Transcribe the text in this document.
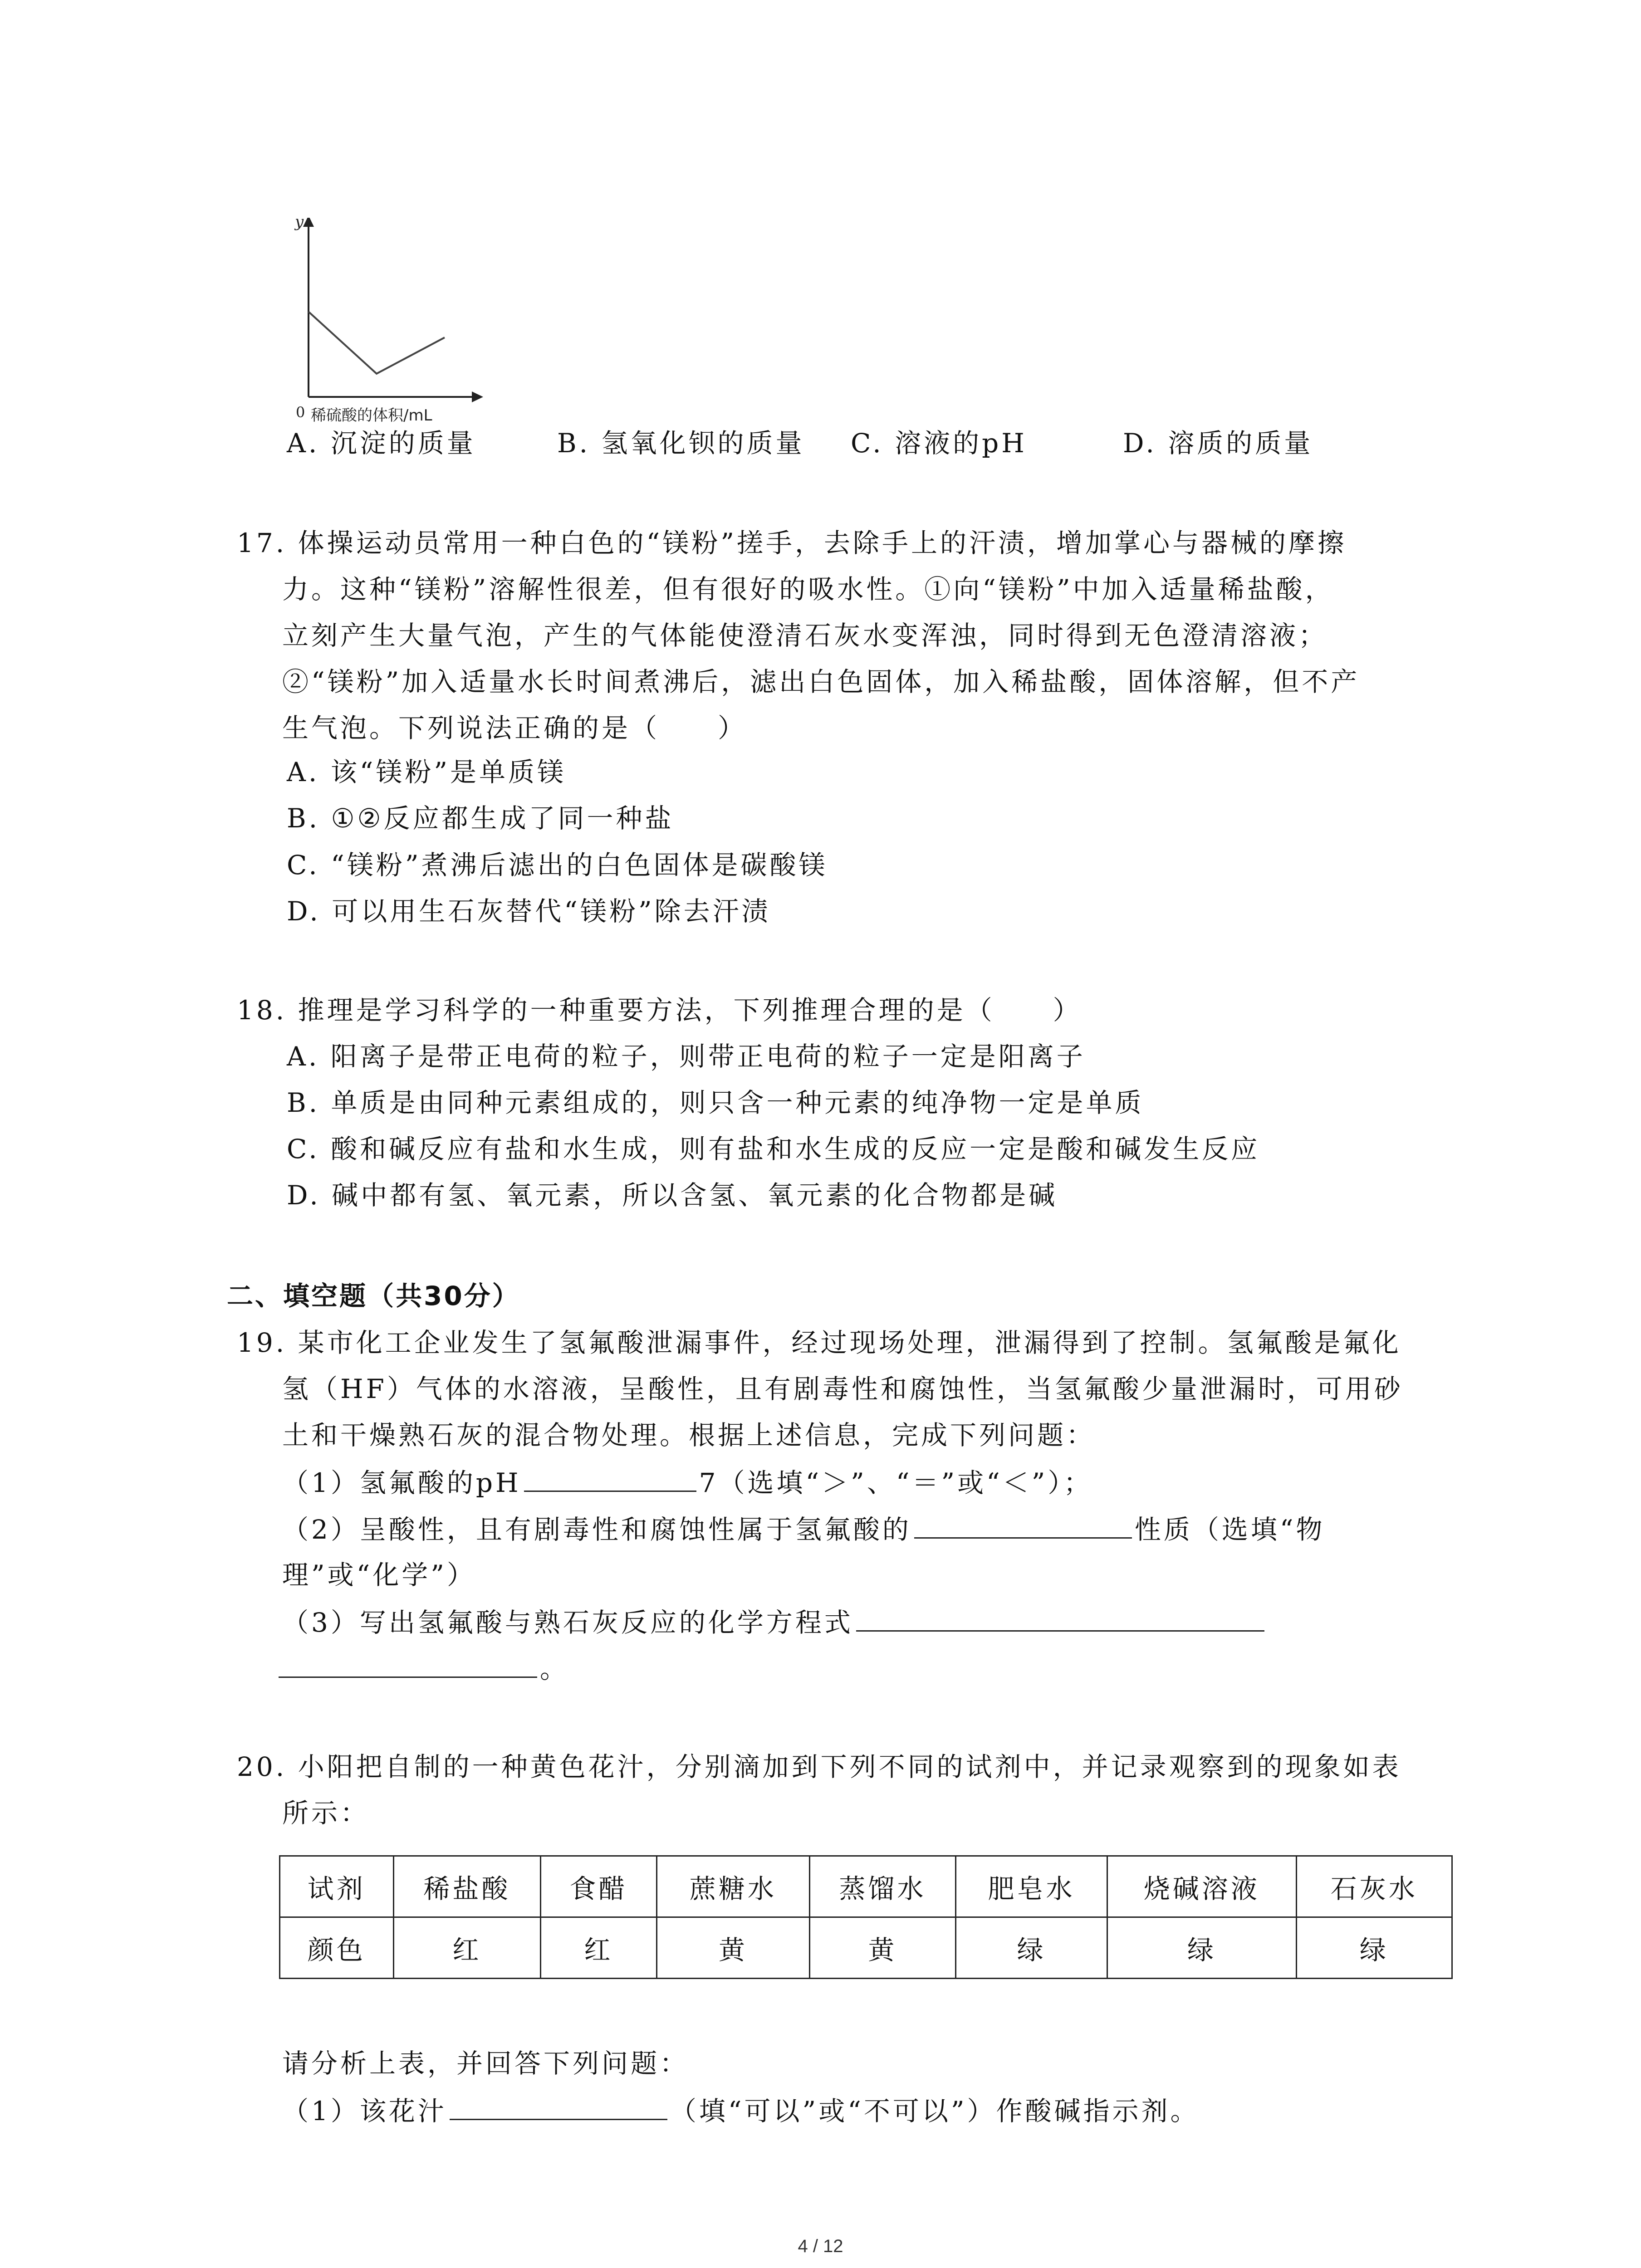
y
0 稀硫酸的体积/mL
A. 沉淀的质量	B. 氢氧化钡的质量 C. 溶液的pH	D. 溶质的质量
17. 体操运动员常用一种白色的“镁粉”搓手，去除手上的汗渍，增加掌心与器械的摩擦
力。这种“镁粉”溶解性很差，但有很好的吸水性。①向“镁粉”中加入适量稀盐酸，
立刻产生大量气泡，产生的气体能使澄清石灰水变浑浊，同时得到无色澄清溶液；
②“镁粉”加入适量水长时间煮沸后，滤出白色固体，加入稀盐酸，固体溶解，但不产
生气泡。下列说法正确的是（　　）
A. 该“镁粉”是单质镁
B. ①②反应都生成了同一种盐
C. “镁粉”煮沸后滤出的白色固体是碳酸镁
D. 可以用生石灰替代“镁粉”除去汗渍
18. 推理是学习科学的一种重要方法，下列推理合理的是（　　）
A. 阳离子是带正电荷的粒子，则带正电荷的粒子一定是阳离子
B. 单质是由同种元素组成的，则只含一种元素的纯净物一定是单质
C. 酸和碱反应有盐和水生成，则有盐和水生成的反应一定是酸和碱发生反应
D. 碱中都有氢、氧元素，所以含氢、氧元素的化合物都是碱
二、填空题（共30分）
19. 某市化工企业发生了氢氟酸泄漏事件，经过现场处理，泄漏得到了控制。氢氟酸是氟化
氢（HF）气体的水溶液，呈酸性，且有剧毒性和腐蚀性，当氢氟酸少量泄漏时，可用砂
土和干燥熟石灰的混合物处理。根据上述信息，完成下列问题：
（1）氢氟酸的pH	7（选填“＞”、“＝”或“＜”）；
（2）呈酸性，且有剧毒性和腐蚀性属于氢氟酸的	性质（选填“物
理”或“化学”）
（3）写出氢氟酸与熟石灰反应的化学方程式
。
20. 小阳把自制的一种黄色花汁，分别滴加到下列不同的试剂中，并记录观察到的现象如表
所示：
试剂	稀盐酸	食醋	蔗糖水	蒸馏水	肥皂水	烧碱溶液	石灰水
颜色	红	红	黄	黄	绿	绿	绿
请分析上表，并回答下列问题：
（1）该花汁	（填“可以”或“不可以”）作酸碱指示剂。
4 / 12
